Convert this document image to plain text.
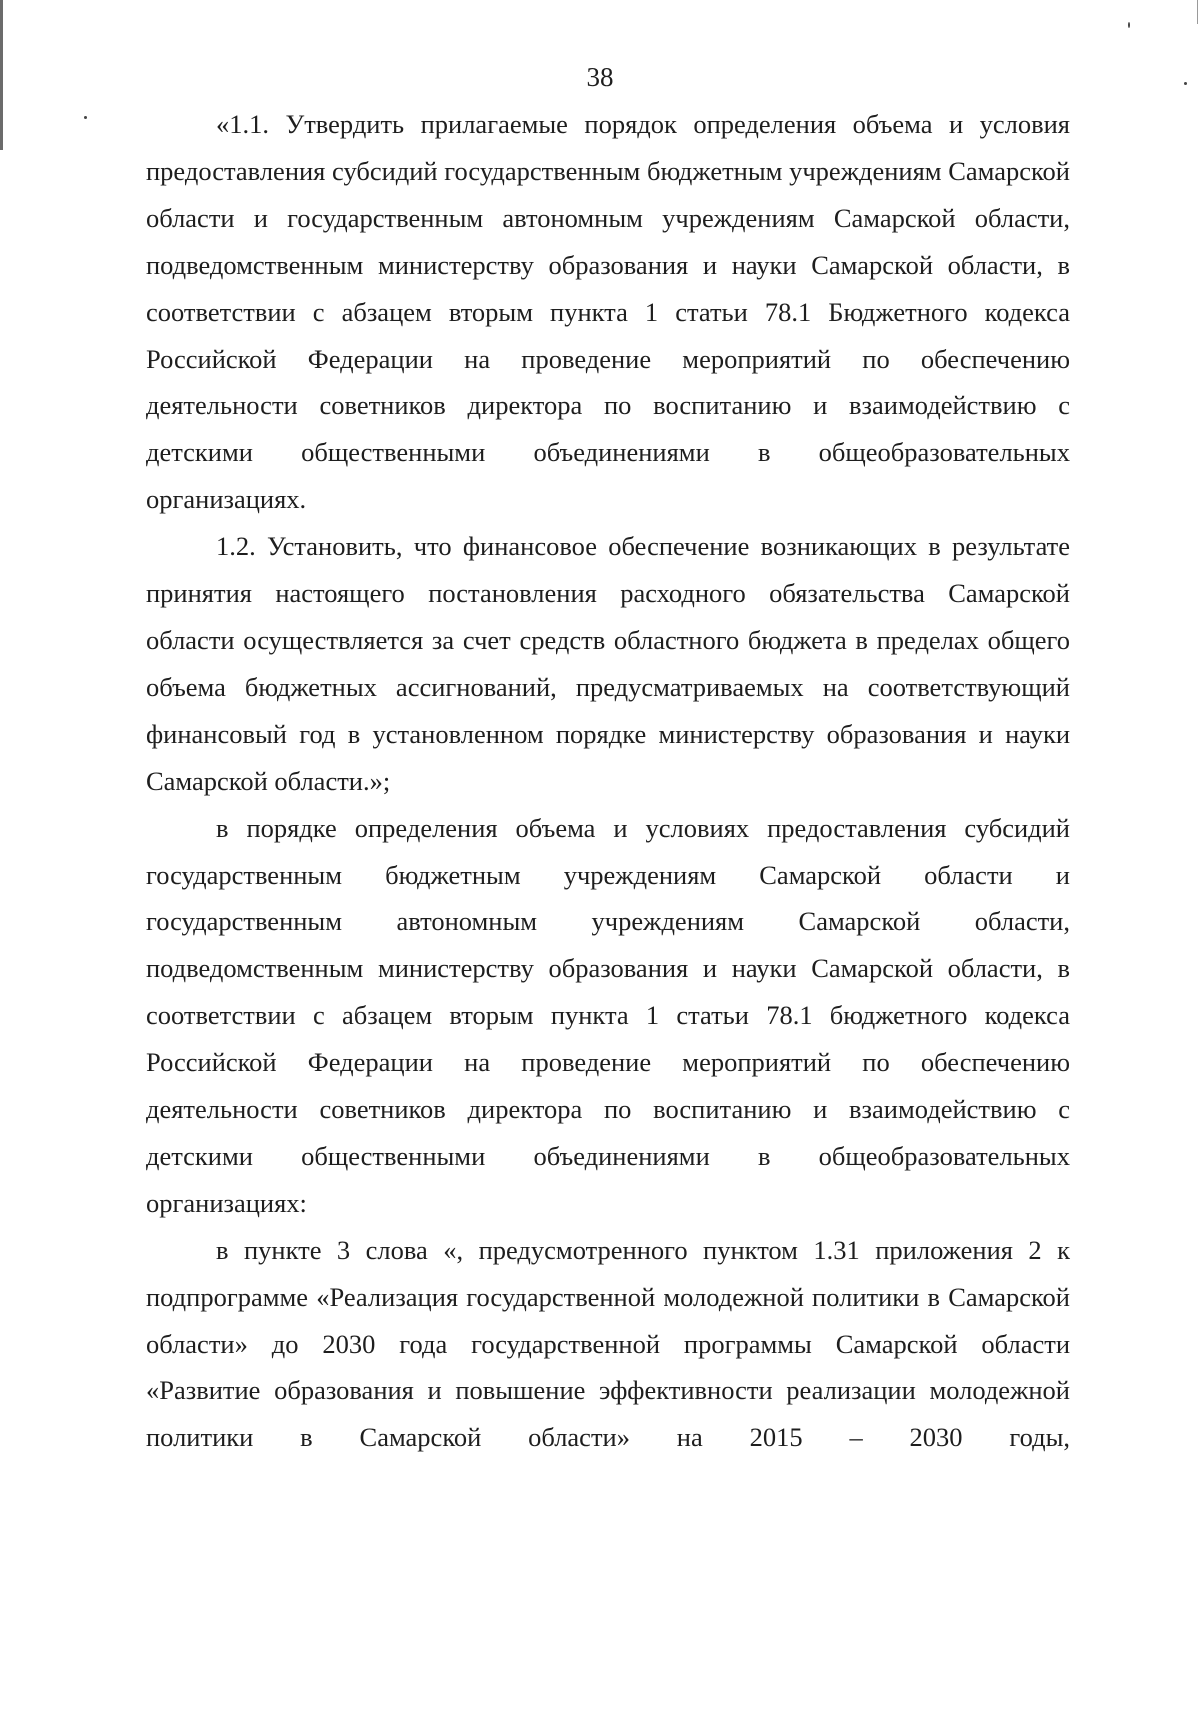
38

«1.1. Утвердить прилагаемые порядок определения объема и условия предоставления субсидий государственным бюджетным учреждениям Самарской области и государственным автономным учреждениям Самарской области, подведомственным министерству образования и науки Самарской области, в соответствии с абзацем вторым пункта 1 статьи 78.1 Бюджетного кодекса Российской Федерации на проведение мероприятий по обеспечению деятельности советников директора по воспитанию и взаимодействию с детскими общественными объединениями в общеобразовательных организациях.

1.2. Установить, что финансовое обеспечение возникающих в результате принятия настоящего постановления расходного обязательства Самарской области осуществляется за счет средств областного бюджета в пределах общего объема бюджетных ассигнований, предусматриваемых на соответствующий финансовый год в установленном порядке министерству образования и науки Самарской области.»;

в порядке определения объема и условиях предоставления субсидий государственным бюджетным учреждениям Самарской области и государственным автономным учреждениям Самарской области, подведомственным министерству образования и науки Самарской области, в соответствии с абзацем вторым пункта 1 статьи 78.1 бюджетного кодекса Российской Федерации на проведение мероприятий по обеспечению деятельности советников директора по воспитанию и взаимодействию с детскими общественными объединениями в общеобразовательных организациях:

в пункте 3 слова «, предусмотренного пунктом 1.31 приложения 2 к подпрограмме «Реализация государственной молодежной политики в Самарской области» до 2030 года государственной программы Самарской области «Развитие образования и повышение эффективности реализации молодежной политики в Самарской области» на 2015 – 2030 годы,
